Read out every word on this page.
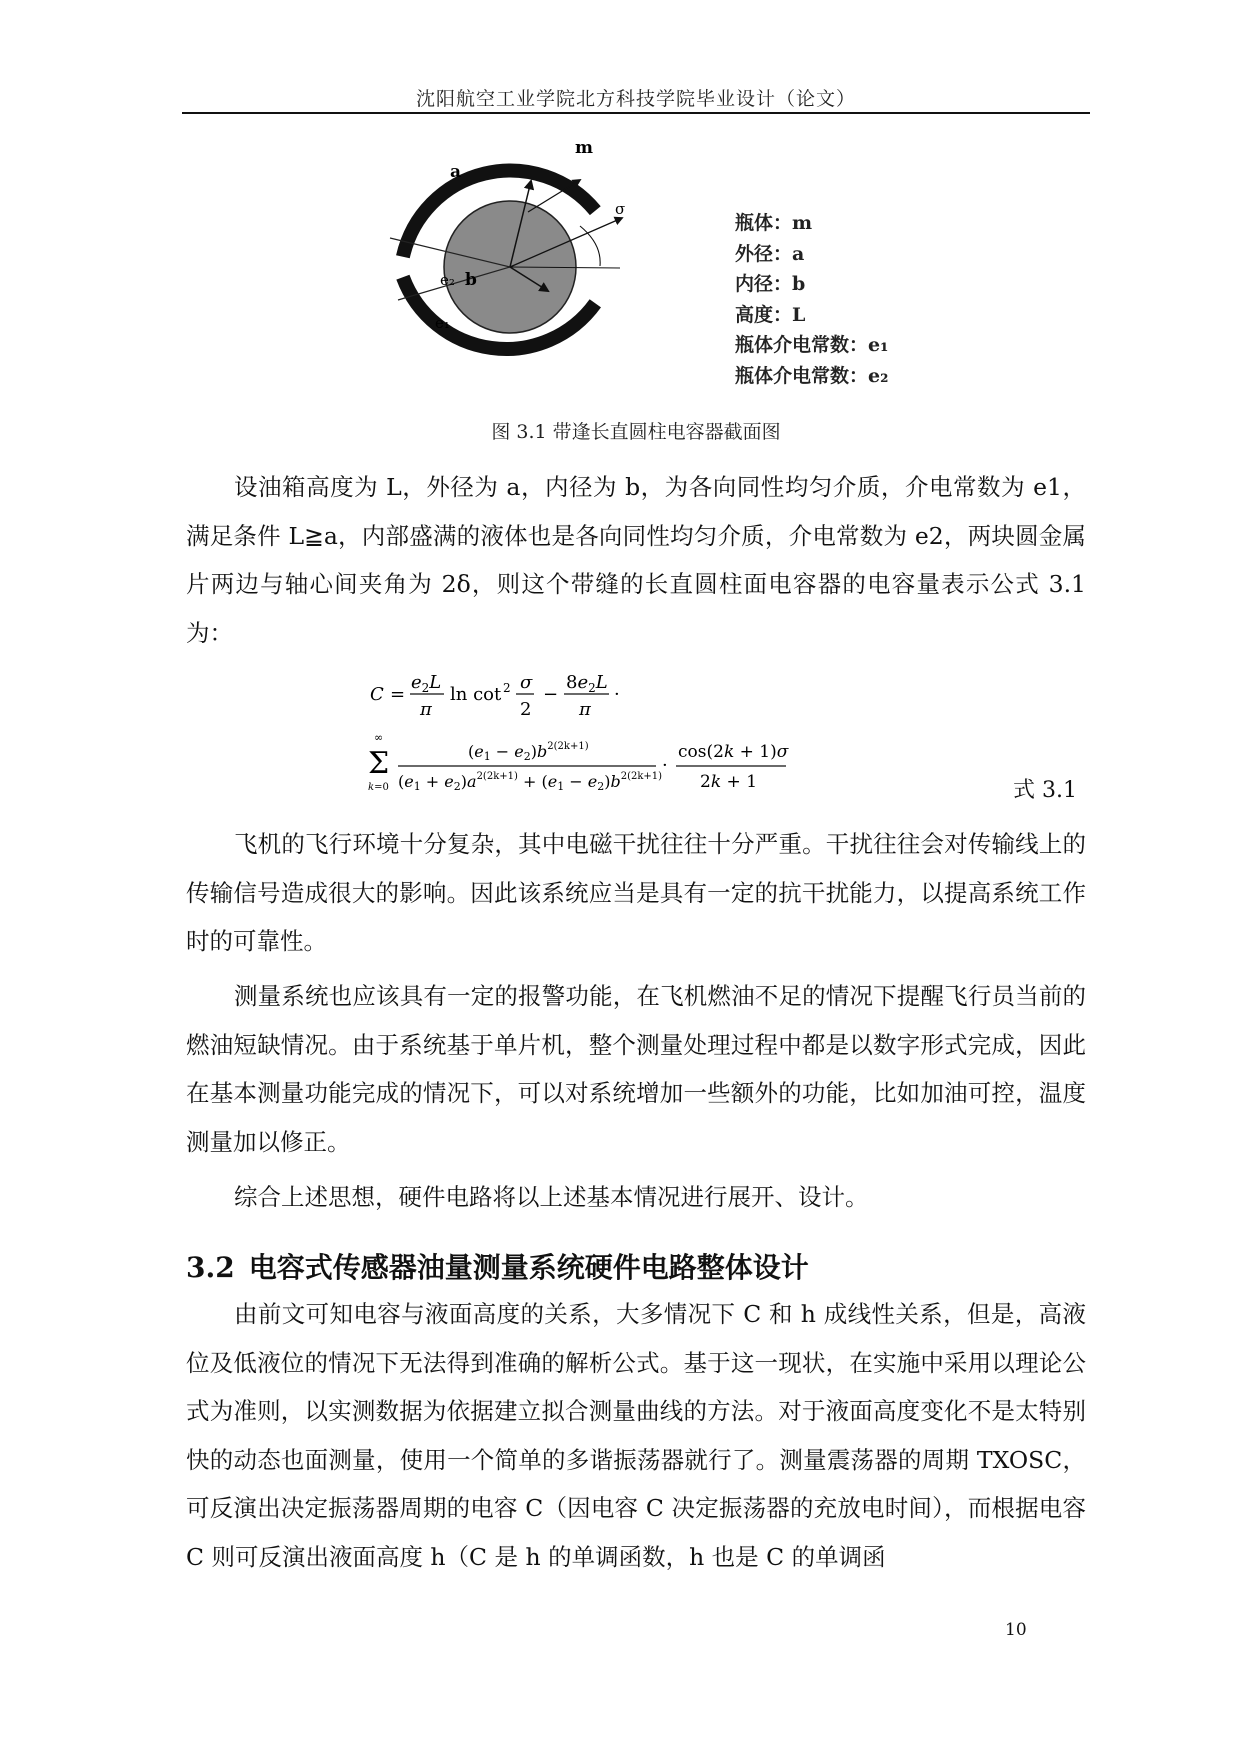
沈阳航空工业学院北方科技学院毕业设计（论文）
a
m
σ
e₂ b
e₁
瓶体：m
外径：a
内径：b
高度：L
瓶体介电常数：e₁
瓶体介电常数：e₂
图 3.1 带逢长直圆柱电容器截面图

设油箱高度为 L，外径为 a，内径为 b，为各向同性均匀介质，介电常数为 e1，满足条件 L≧a，内部盛满的液体也是各向同性均匀介质，介电常数为 e2，两块圆金属片两边与轴心间夹角为 2δ，则这个带缝的长直圆柱面电容器的电容量表示公式 3.1 为：

C =
$e_2L$
π
ln cot 2 σ
2
−
$8e_2L$
π
·
Σ
∞
k=0
$(e1 - e2)b^{2(2k+1)}$
$(e1 + e2)a^{2(2k+1)} + (e1 - e2)b^{2(2k+1)}$
·
cos(2k + 1)σ
2k + 1	式 3.1

飞机的飞行环境十分复杂，其中电磁干扰往往十分严重。干扰往往会对传输线上的传输信号造成很大的影响。因此该系统应当是具有一定的抗干扰能力，以提高系统工作时的可靠性。

测量系统也应该具有一定的报警功能，在飞机燃油不足的情况下提醒飞行员当前的燃油短缺情况。由于系统基于单片机，整个测量处理过程中都是以数字形式完成，因此在基本测量功能完成的情况下，可以对系统增加一些额外的功能，比如加油可控，温度测量加以修正。

综合上述思想，硬件电路将以上述基本情况进行展开、设计。

3.2 电容式传感器油量测量系统硬件电路整体设计

由前文可知电容与液面高度的关系，大多情况下 C 和 h 成线性关系，但是，高液位及低液位的情况下无法得到准确的解析公式。基于这一现状，在实施中采用以理论公式为准则，以实测数据为依据建立拟合测量曲线的方法。对于液面高度变化不是太特别快的动态也面测量，使用一个简单的多谐振荡器就行了。测量震荡器的周期 TXOSC，可反演出决定振荡器周期的电容 C（因电容 C 决定振荡器的充放电时间），而根据电容 C 则可反演出液面高度 h（C 是 h 的单调函数，h 也是 C 的单调函

10
